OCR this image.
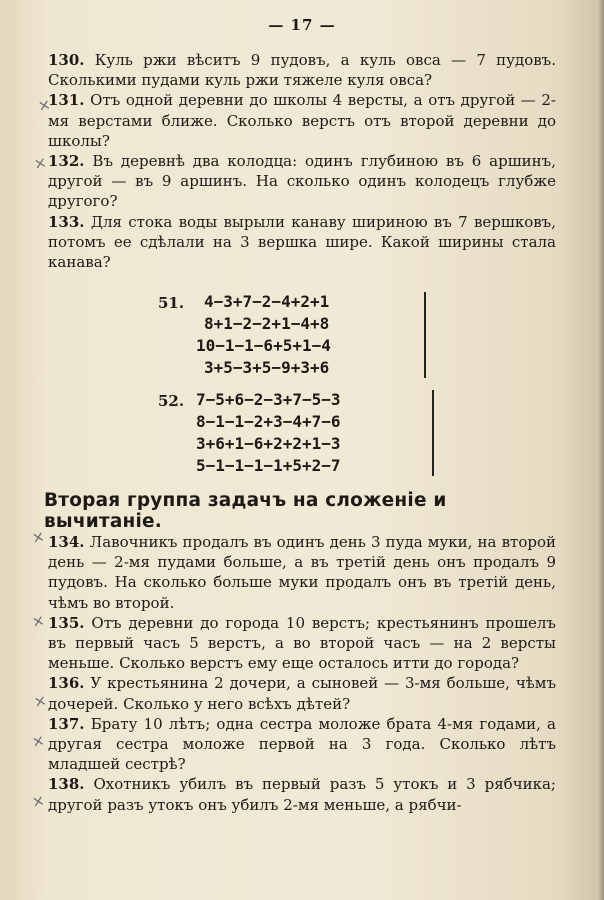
— 17 —

130. Куль ржи вѣситъ 9 пудовъ, а куль овса — 7 пудовъ. Сколькими пудами куль ржи тяжеле куля овса?

131. Отъ одной деревни до школы 4 версты, а отъ другой — 2-мя верстами ближе. Сколько верстъ отъ второй деревни до школы?

132. Въ деревнѣ два колодца: одинъ глубиною въ 6 аршинъ, другой — въ 9 аршинъ. На сколько одинъ колодецъ глубже другого?

133. Для стока воды вырыли канаву шириною въ 7 вершковъ, потомъ ее сдѣлали на 3 вершка шире. Какой ширины стала канава?

×
×
×
×
×
×
×
51. 4−3+7−2−4+2+1
8+1−2−2+1−4+8
10−1−1−6+5+1−4
3+5−3+5−9+3+6
52. 7−5+6−2−3+7−5−3
8−1−1−2+3−4+7−6
3+6+1−6+2+2+1−3
5−1−1−1−1+5+2−7
Вторая группа задачъ на сложенiе и вычитанiе.

134. Лавочникъ продалъ въ одинъ день 3 пуда муки, на второй день — 2-мя пудами больше, а въ третiй день онъ продалъ 9 пудовъ. На сколько больше муки продалъ онъ въ третiй день, чѣмъ во второй.

135. Отъ деревни до города 10 верстъ; крестьянинъ прошелъ въ первый часъ 5 верстъ, а во второй часъ — на 2 версты меньше. Сколько верстъ ему еще осталось итти до города?

136. У крестьянина 2 дочери, а сыновей — 3-мя больше, чѣмъ дочерей. Сколько у него всѣхъ дѣтей?

137. Брату 10 лѣтъ; одна сестра моложе брата 4-мя годами, а другая сестра моложе первой на 3 года. Сколько лѣтъ младшей сестрѣ?

138. Охотникъ убилъ въ первый разъ 5 утокъ и 3 рябчика; другой разъ утокъ онъ убилъ 2-мя меньше, а рябчи-
